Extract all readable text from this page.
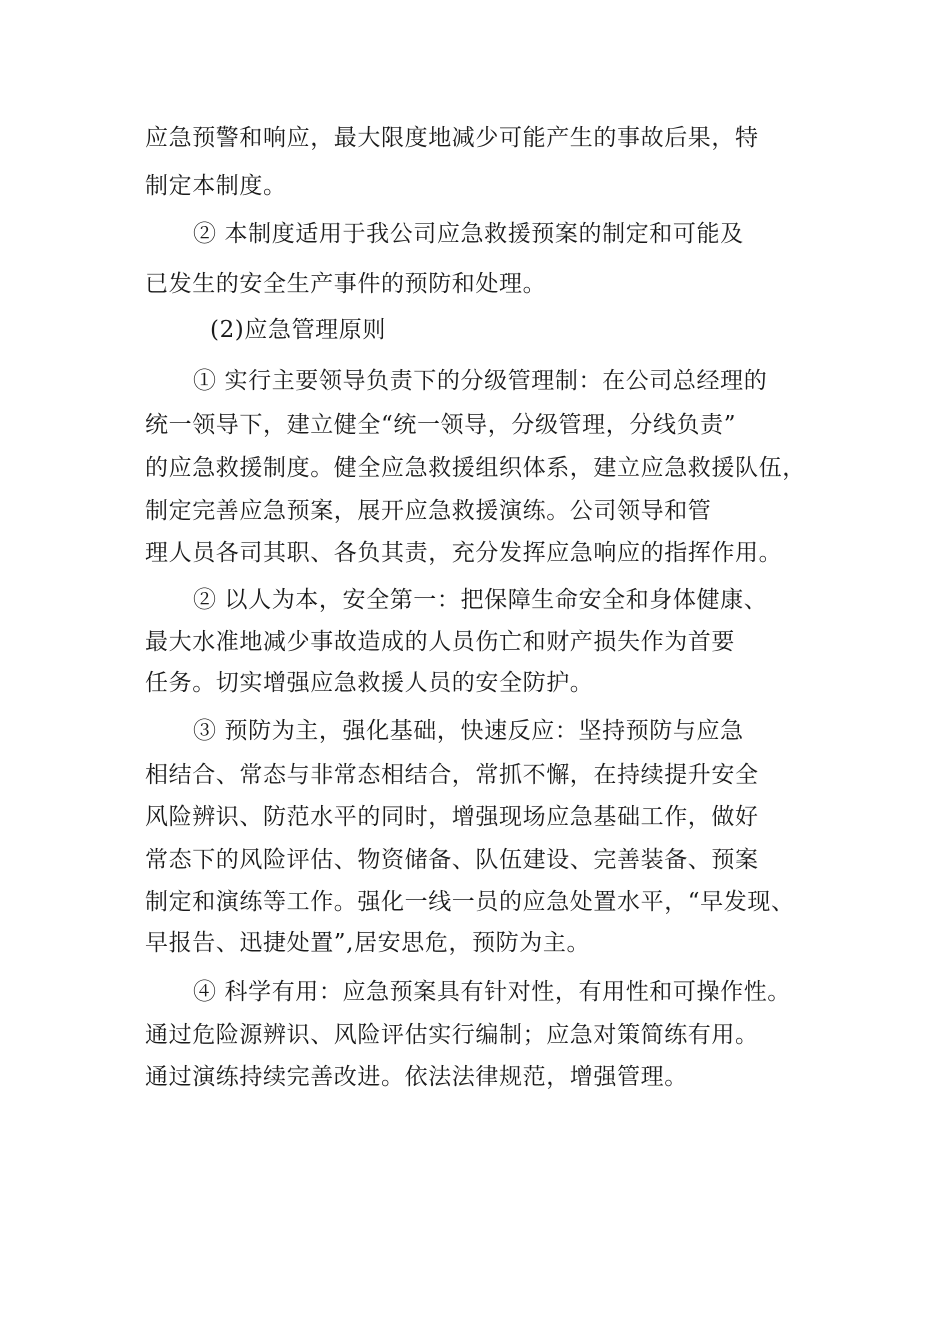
应急预警和响应，最大限度地减少可能产生的事故后果，特
制定本制度。
② 本制度适用于我公司应急救援预案的制定和可能及
已发生的安全生产事件的预防和处理。
(2)应急管理原则
① 实行主要领导负责下的分级管理制：在公司总经理的
统一领导下，建立健全“统一领导，分级管理，分线负责”
的应急救援制度。健全应急救援组织体系，建立应急救援队伍，
制定完善应急预案，展开应急救援演练。公司领导和管
理人员各司其职、各负其责，充分发挥应急响应的指挥作用。
② 以人为本，安全第一：把保障生命安全和身体健康、
最大水准地减少事故造成的人员伤亡和财产损失作为首要
任务。切实增强应急救援人员的安全防护。
③ 预防为主，强化基础，快速反应：坚持预防与应急
相结合、常态与非常态相结合，常抓不懈，在持续提升安全
风险辨识、防范水平的同时，增强现场应急基础工作，做好
常态下的风险评估、物资储备、队伍建设、完善装备、预案
制定和演练等工作。强化一线一员的应急处置水平，“早发现、
早报告、迅捷处置”,居安思危，预防为主。
④ 科学有用：应急预案具有针对性，有用性和可操作性。
通过危险源辨识、风险评估实行编制；应急对策简练有用。
通过演练持续完善改进。依法法律规范，增强管理。
